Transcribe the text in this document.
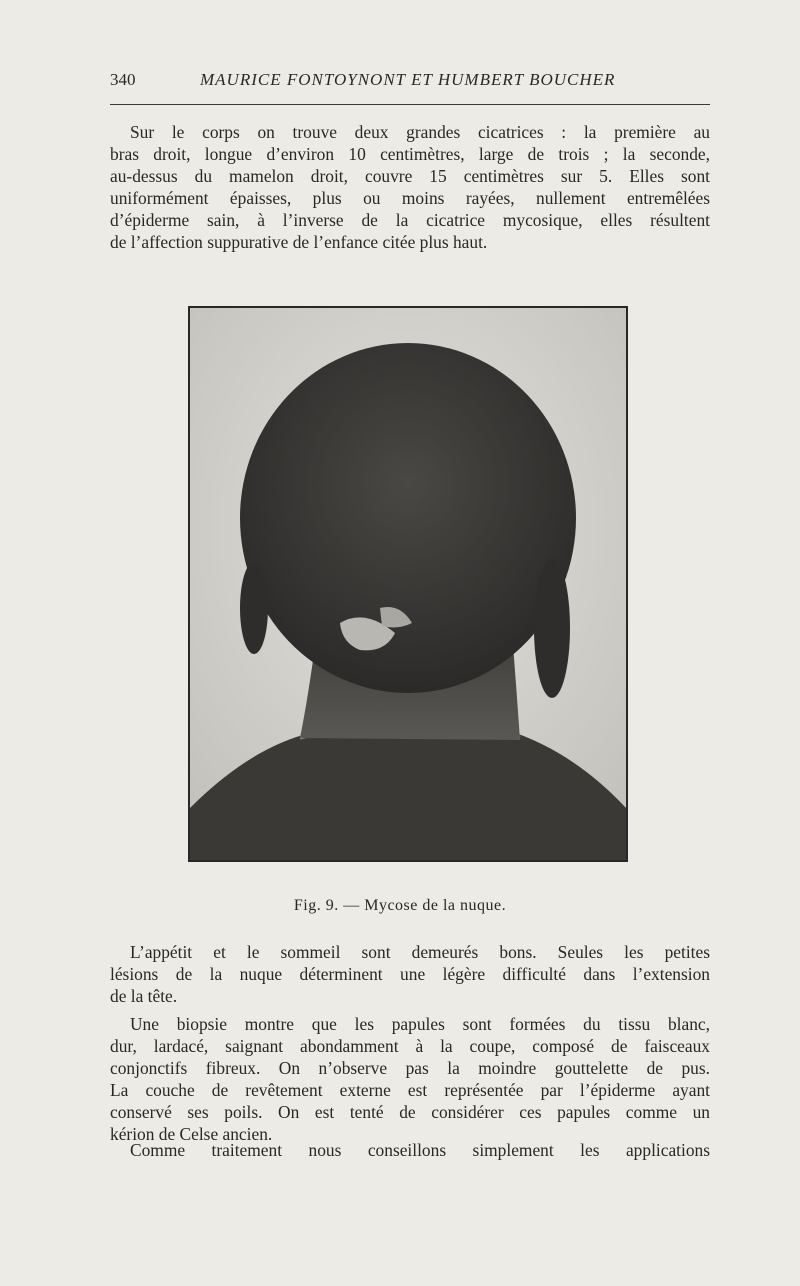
340	MAURICE FONTOYNONT ET HUMBERT BOUCHER
Sur le corps on trouve deux grandes cicatrices : la première au
bras droit, longue d’environ 10 centimètres, large de trois ; la seconde,
au-dessus du mamelon droit, couvre 15 centimètres sur 5. Elles sont
uniformément épaisses, plus ou moins rayées, nullement entremêlées
d’épiderme sain, à l’inverse de la cicatrice mycosique, elles résultent
de l’affection suppurative de l’enfance citée plus haut.
Fig. 9. — Mycose de la nuque.
L’appétit et le sommeil sont demeurés bons. Seules les petites
lésions de la nuque déterminent une légère difficulté dans l’extension
de la tête.
Une biopsie montre que les papules sont formées du tissu blanc,
dur, lardacé, saignant abondamment à la coupe, composé de faisceaux
conjonctifs fibreux. On n’observe pas la moindre gouttelette de pus.
La couche de revêtement externe est représentée par l’épiderme ayant
conservé ses poils. On est tenté de considérer ces papules comme un
kérion de Celse ancien.
Comme traitement nous conseillons simplement les applications
